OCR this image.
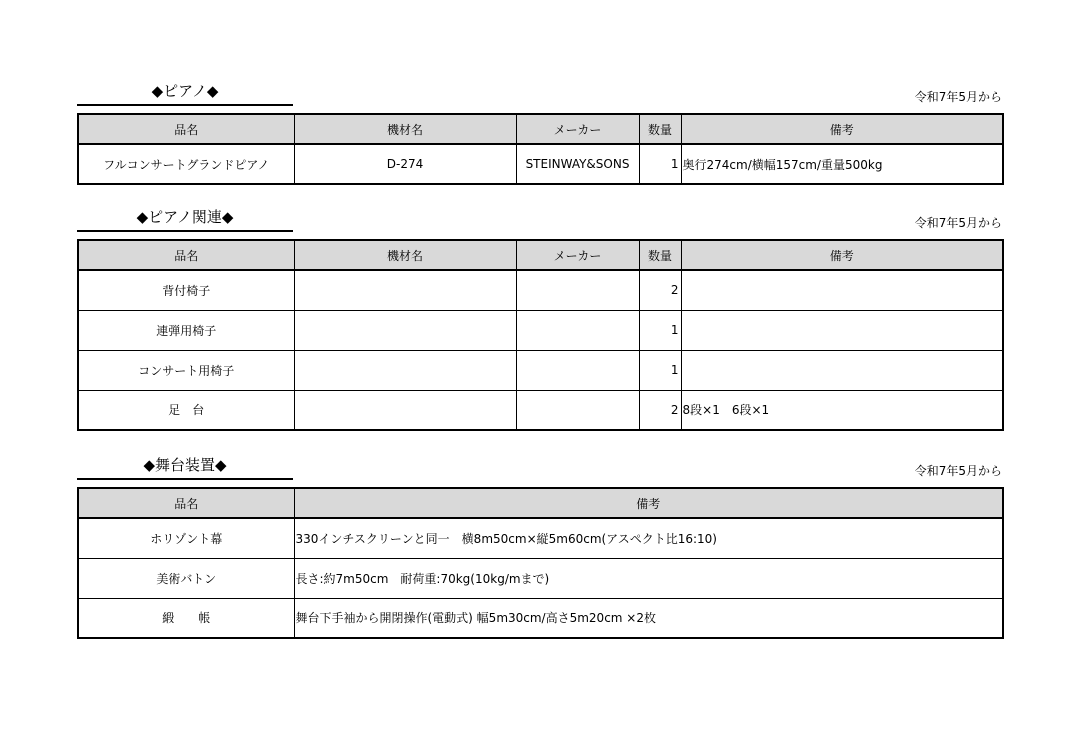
◆ピアノ◆	令和7年5月から
品名	機材名	メーカー	数量	備考
フルコンサートグランドピアノ	D-274	STEINWAY&SONS	1	奥行274cm/横幅157cm/重量500kg
◆ピアノ関連◆	令和7年5月から
品名	機材名	メーカー	数量	備考
背付椅子			2	
連弾用椅子			1	
コンサート用椅子			1	
足　台			2	8段×1　6段×1
◆舞台装置◆	令和7年5月から
品名	備考
ホリゾント幕	330インチスクリーンと同一　横8m50cm×縦5m60cm(アスペクト比16:10)
美術バトン	長さ:約7m50cm　耐荷重:70kg(10kg/mまで)
緞　　帳	舞台下手袖から開閉操作(電動式) 幅5m30cm/高さ5m20cm ×2枚
